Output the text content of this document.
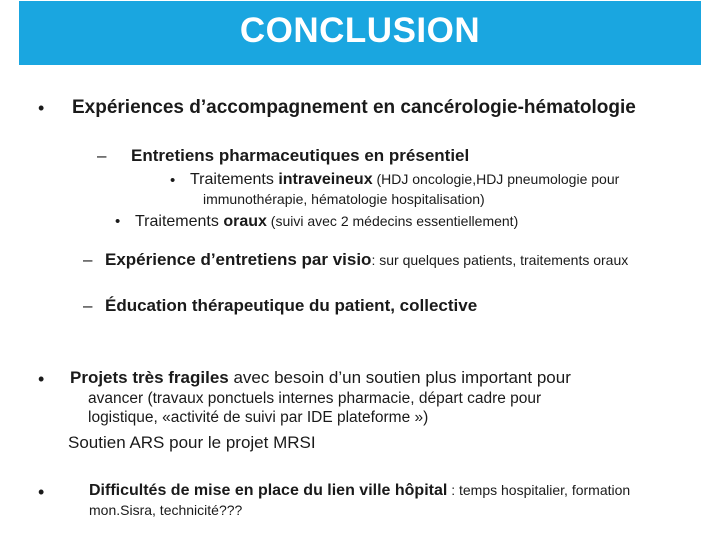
CONCLUSION
• Expériences d’accompagnement en cancérologie-hématologie
– Entretiens pharmaceutiques en présentiel
• Traitements intraveineux (HDJ oncologie,HDJ pneumologie pour
immunothérapie, hématologie hospitalisation)
• Traitements oraux (suivi avec 2 médecins essentiellement)
– Expérience d’entretiens par visio: sur quelques patients, traitements oraux
– Éducation thérapeutique du patient, collective
• Projets très fragiles avec besoin d’un soutien plus important pour
avancer (travaux ponctuels internes pharmacie, départ cadre pour
logistique, «activité de suivi par IDE plateforme »)
Soutien ARS pour le projet MRSI
•	Difficultés de mise en place du lien ville hôpital : temps hospitalier, formation
mon.Sisra, technicité???
